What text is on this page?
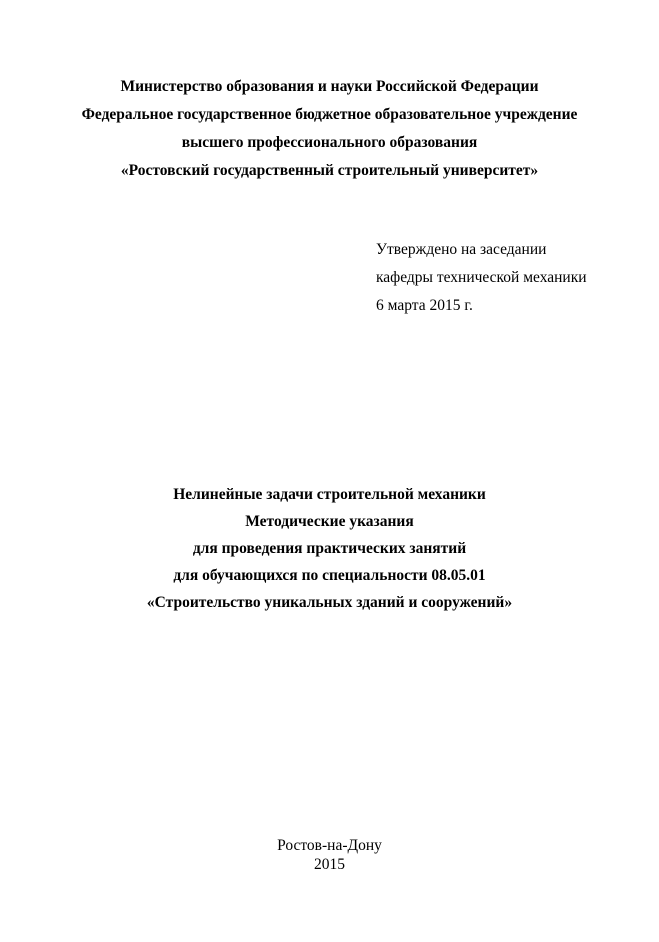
Министерство образования и науки Российской Федерации
Федеральное государственное бюджетное образовательное учреждение
высшего профессионального образования
«Ростовский государственный строительный университет»
Утверждено на заседании
кафедры технической механики
6 марта 2015 г.
Нелинейные задачи строительной механики
Методические указания
для проведения практических занятий
для обучающихся по специальности 08.05.01
«Строительство уникальных зданий и сооружений»
Ростов-на-Дону
2015
